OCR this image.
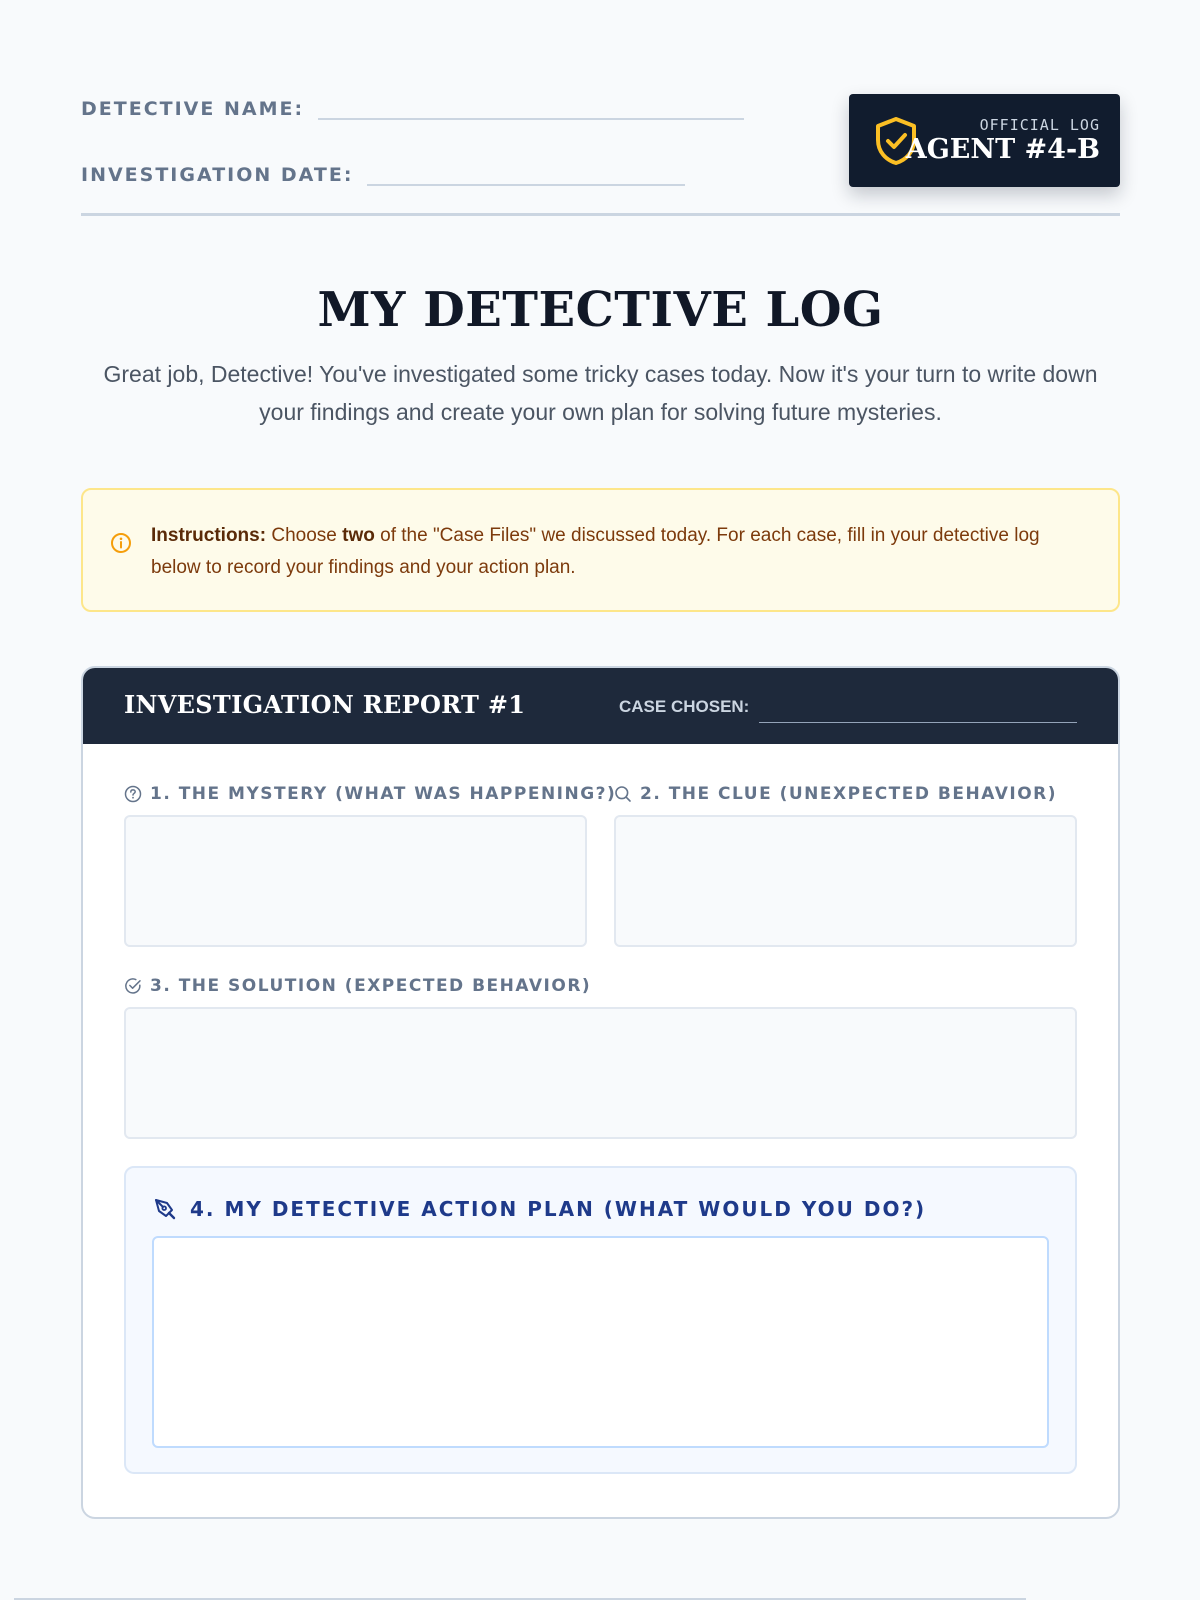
DETECTIVE NAME:
INVESTIGATION DATE:
OFFICIAL LOG
AGENT #4-B
MY DETECTIVE LOG

Great job, Detective! You've investigated some tricky cases today. Now it's your turn to write down your findings and create your own plan for solving future mysteries.

Instructions: Choose two of the "Case Files" we discussed today. For each case, fill in your detective log below to record your findings and your action plan.
INVESTIGATION REPORT #1	CASE CHOSEN:
1. THE MYSTERY (WHAT WAS HAPPENING?) 2. THE CLUE (UNEXPECTED BEHAVIOR)
3. THE SOLUTION (EXPECTED BEHAVIOR)
4. MY DETECTIVE ACTION PLAN (WHAT WOULD YOU DO?)
